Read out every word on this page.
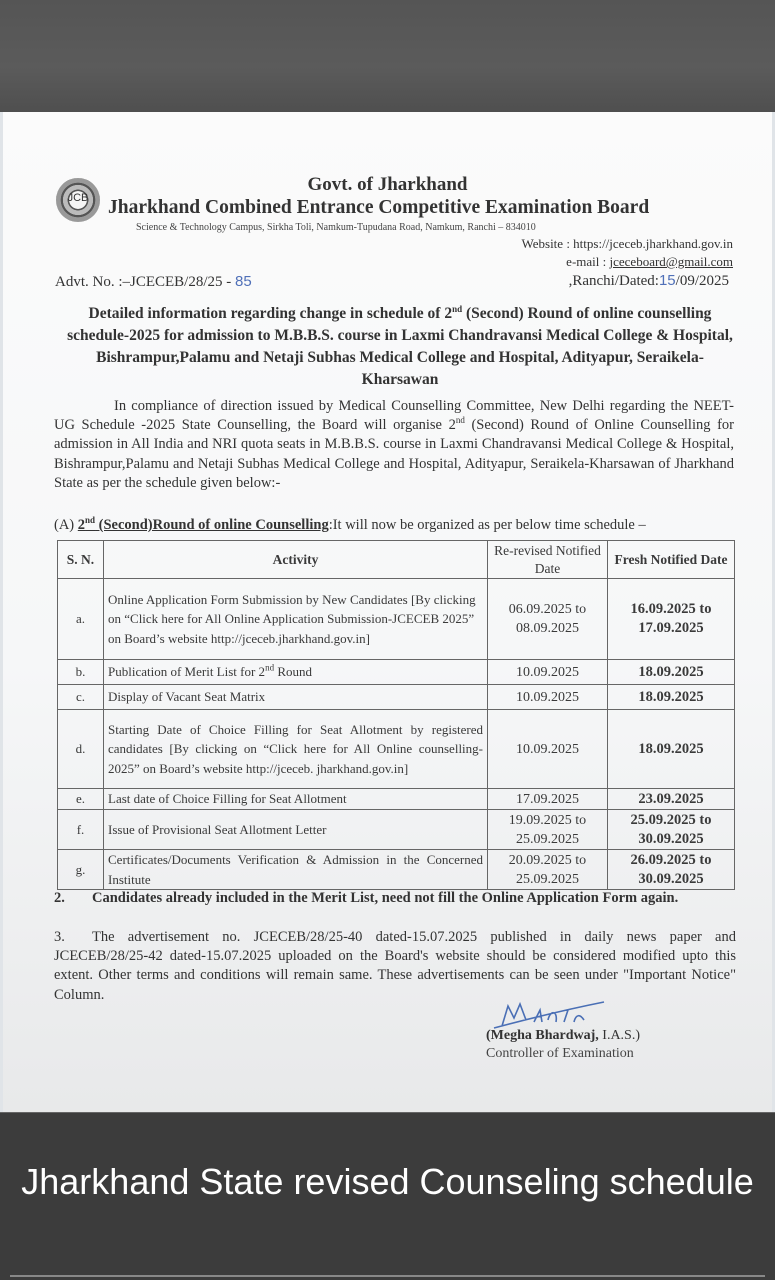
JCB
Govt. of Jharkhand
Jharkhand Combined Entrance Competitive Examination Board
Science & Technology Campus, Sirkha Toli, Namkum-Tupudana Road, Namkum, Ranchi – 834010
Website : https://jceceb.jharkhand.gov.in
e-mail : jceceboard@gmail.com
Advt. No. :–JCECEB/28/25 - 85	,Ranchi/Dated:15/09/2025
Detailed information regarding change in schedule of 2nd (Second) Round of online counselling schedule-2025 for admission to M.B.B.S. course in Laxmi Chandravansi Medical College & Hospital, Bishrampur,Palamu and Netaji Subhas Medical College and Hospital, Adityapur, Seraikela-Kharsawan
In compliance of direction issued by Medical Counselling Committee, New Delhi regarding the NEET-UG Schedule -2025 State Counselling, the Board will organise 2nd (Second) Round of Online Counselling for admission in All India and NRI quota seats in M.B.B.S. course in Laxmi Chandravansi Medical College & Hospital, Bishrampur,Palamu and Netaji Subhas Medical College and Hospital, Adityapur, Seraikela-Kharsawan of Jharkhand State as per the schedule given below:-
(A) 2nd (Second)Round of online Counselling:It will now be organized as per below time schedule –
S. N.	Activity	Re-revised Notified Date	Fresh Notified Date
a.	Online Application Form Submission by New Candidates [By clicking on “Click here for All Online Application Submission-JCECEB 2025” on Board’s website http://jceceb.jharkhand.gov.in]	06.09.2025 to 08.09.2025	16.09.2025 to 17.09.2025
b.	Publication of Merit List for 2nd Round	10.09.2025	18.09.2025
c.	Display of Vacant Seat Matrix	10.09.2025	18.09.2025
d.	Starting Date of Choice Filling for Seat Allotment by registered candidates [By clicking on “Click here for All Online counselling-2025” on Board’s website http://jceceb. jharkhand.gov.in]	10.09.2025	18.09.2025
e.	Last date of Choice Filling for Seat Allotment	17.09.2025	23.09.2025
f.	Issue of Provisional Seat Allotment Letter	19.09.2025 to 25.09.2025	25.09.2025 to 30.09.2025
g.	Certificates/Documents Verification & Admission in the Concerned Institute	20.09.2025 to 25.09.2025	26.09.2025 to 30.09.2025
2. Candidates already included in the Merit List, need not fill the Online Application Form again.
3. The advertisement no. JCECEB/28/25-40 dated-15.07.2025 published in daily news paper and JCECEB/28/25-42 dated-15.07.2025 uploaded on the Board's website should be considered modified upto this extent. Other terms and conditions will remain same. These advertisements can be seen under "Important Notice" Column.
(Megha Bhardwaj, I.A.S.)
Controller of Examination
Jharkhand State revised Counseling schedule
